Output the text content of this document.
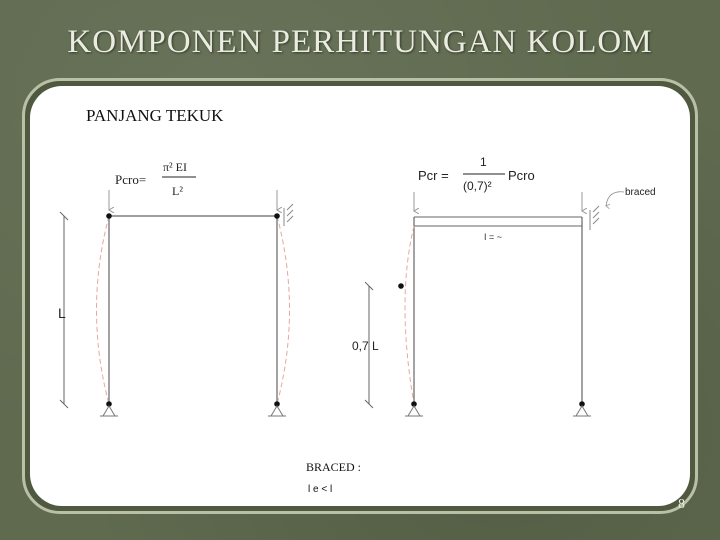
KOMPONEN PERHITUNGAN KOLOM
PANJANG TEKUK
Pcro=
π² EI
L²
L
Pcr =
1
(0,7)²
Pcro
braced
I = ~
0,7 L
BRACED :
l e < l
8
